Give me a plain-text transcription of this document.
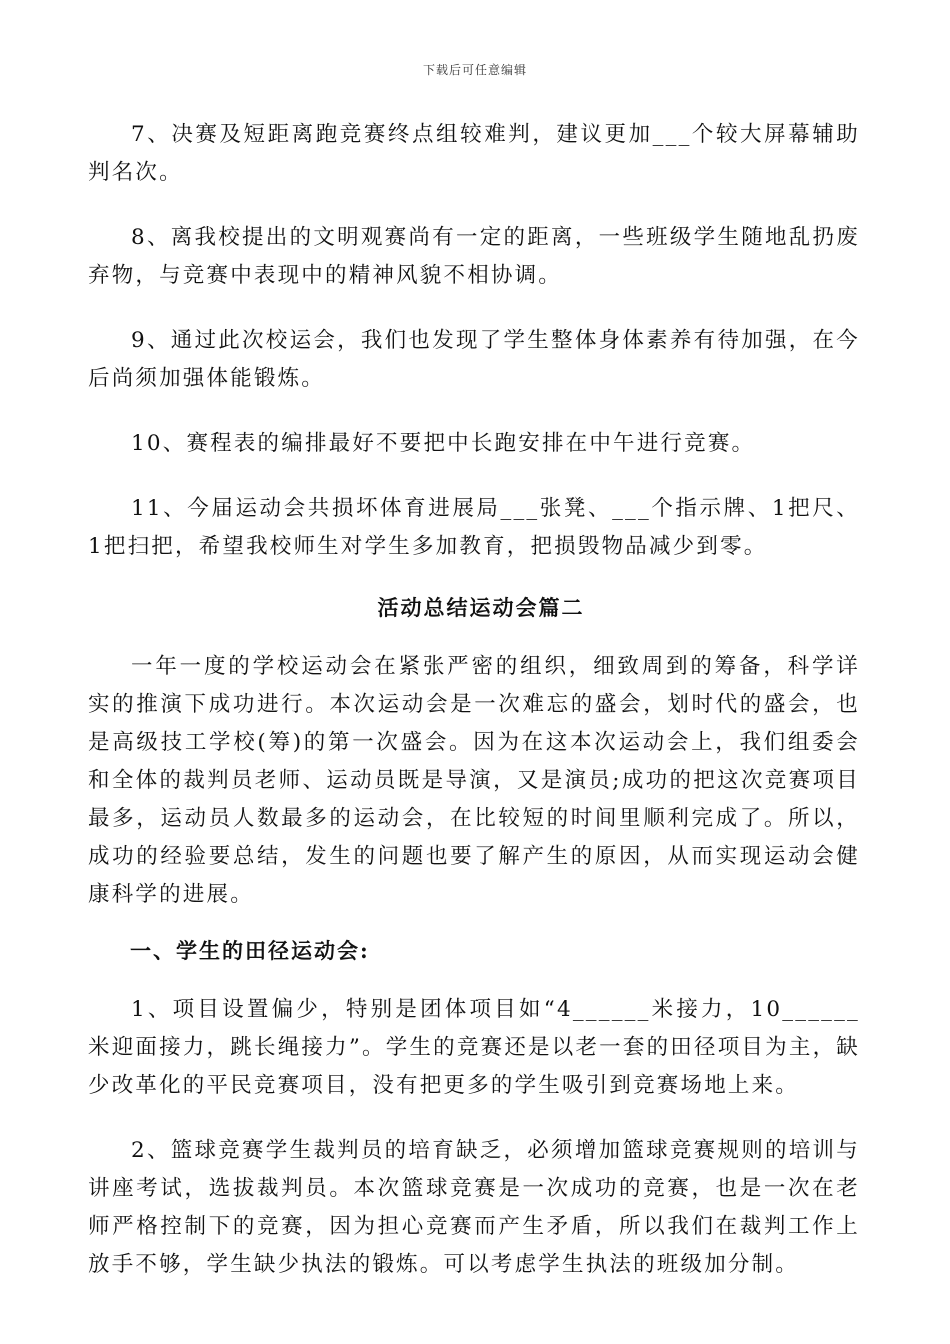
下载后可任意编辑

7、决赛及短距离跑竞赛终点组较难判，建议更加___个较大屏幕辅助判名次。

8、离我校提出的文明观赛尚有一定的距离，一些班级学生随地乱扔废弃物，与竞赛中表现中的精神风貌不相协调。

9、通过此次校运会，我们也发现了学生整体身体素养有待加强，在今后尚须加强体能锻炼。

10、赛程表的编排最好不要把中长跑安排在中午进行竞赛。

11、今届运动会共损坏体育进展局___张凳、___个指示牌、1把尺、1把扫把，希望我校师生对学生多加教育，把损毁物品减少到零。

活动总结运动会篇二

一年一度的学校运动会在紧张严密的组织，细致周到的筹备，科学详实的推演下成功进行。本次运动会是一次难忘的盛会，划时代的盛会，也是高级技工学校(筹)的第一次盛会。因为在这本次运动会上，我们组委会和全体的裁判员老师、运动员既是导演，又是演员;成功的把这次竞赛项目最多，运动员人数最多的运动会，在比较短的时间里顺利完成了。所以，成功的经验要总结，发生的问题也要了解产生的原因，从而实现运动会健康科学的进展。

一、学生的田径运动会:

1、项目设置偏少，特别是团体项目如“4______米接力，10______米迎面接力，跳长绳接力”。学生的竞赛还是以老一套的田径项目为主，缺少改革化的平民竞赛项目，没有把更多的学生吸引到竞赛场地上来。

2、篮球竞赛学生裁判员的培育缺乏，必须增加篮球竞赛规则的培训与讲座考试，选拔裁判员。本次篮球竞赛是一次成功的竞赛，也是一次在老师严格控制下的竞赛，因为担心竞赛而产生矛盾，所以我们在裁判工作上放手不够，学生缺少执法的锻炼。可以考虑学生执法的班级加分制。
